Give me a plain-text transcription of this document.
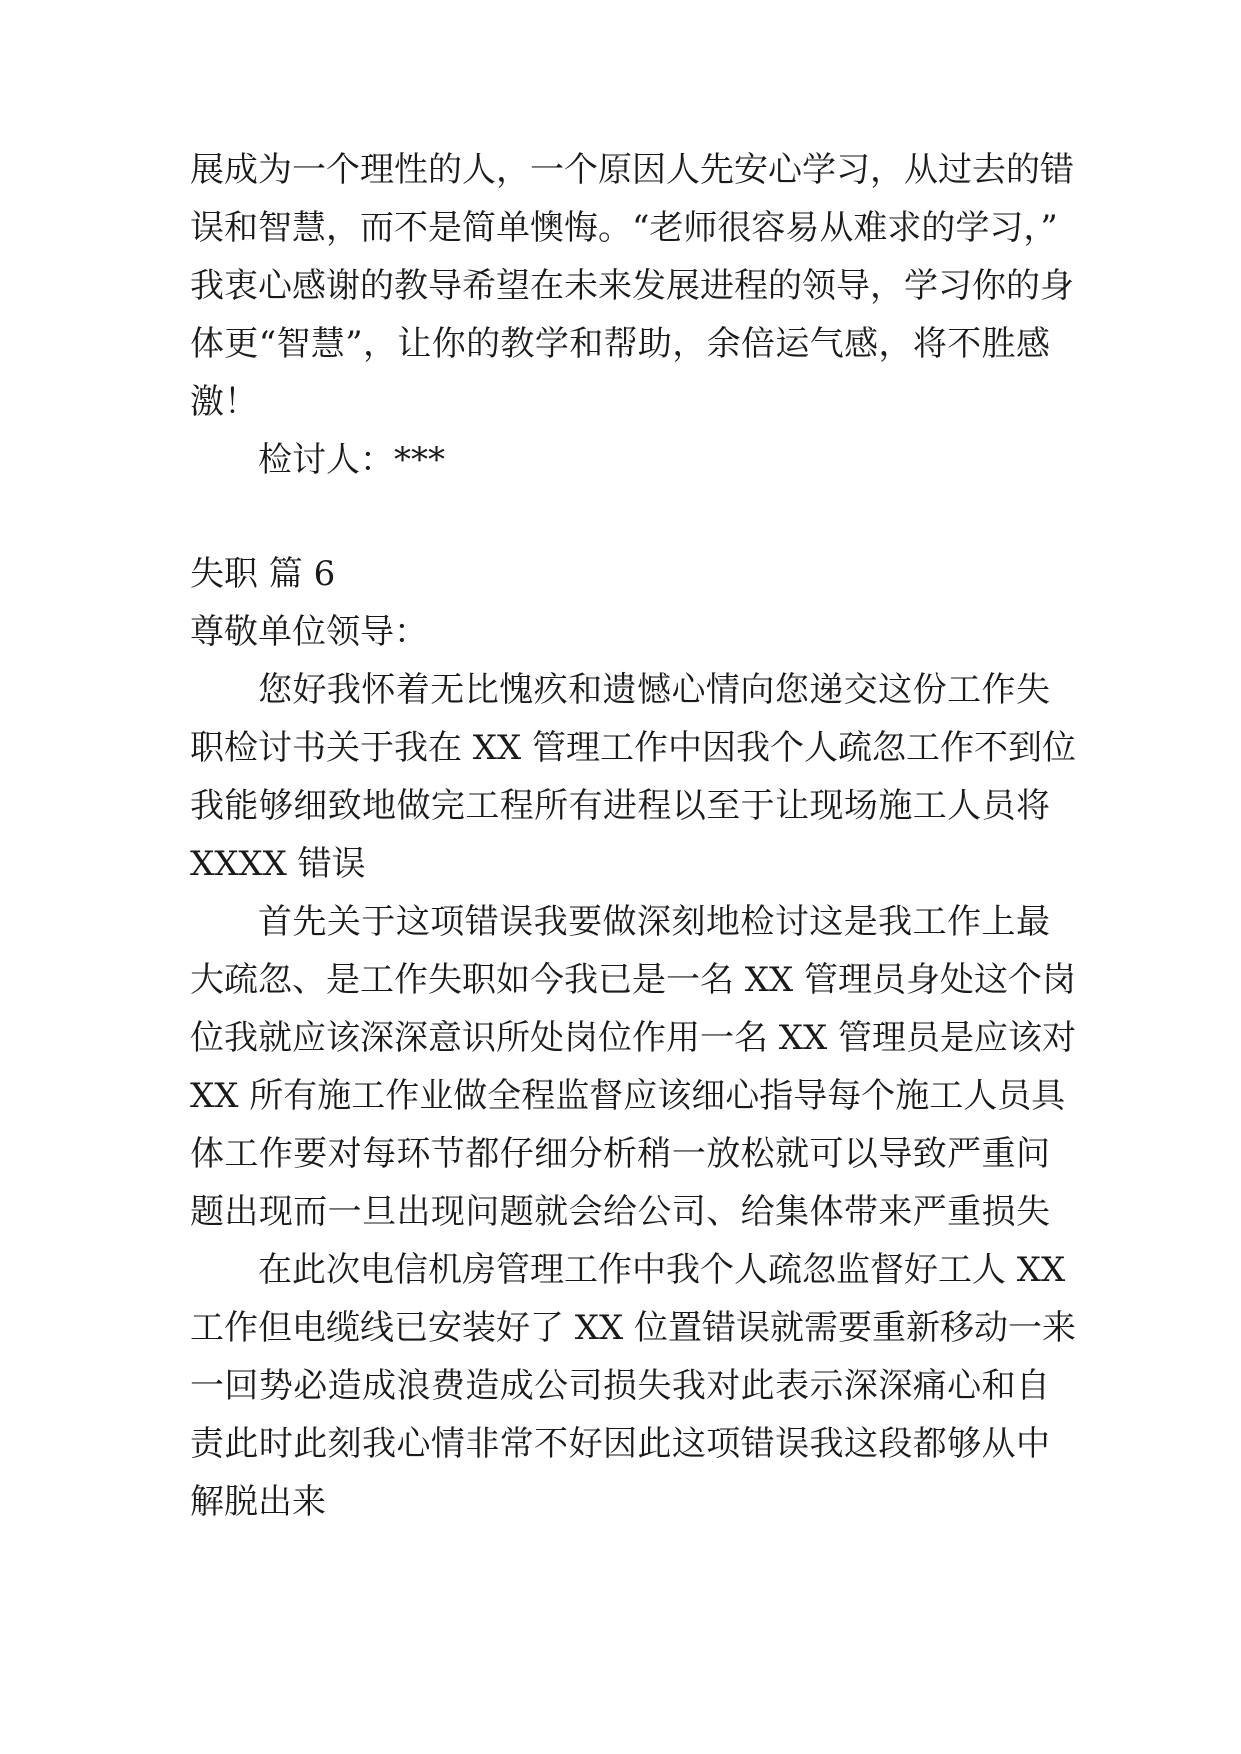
展成为一个理性的人，一个原因人先安心学习，从过去的错
误和智慧，而不是简单懊悔。“老师很容易从难求的学习，”
我衷心感谢的教导希望在未来发展进程的领导，学习你的身
体更“智慧”，让你的教学和帮助，余倍运气感，将不胜感
激！
检讨人：***
失职 篇 6
尊敬单位领导：
您好我怀着无比愧疚和遗憾心情向您递交这份工作失
职检讨书关于我在 XX 管理工作中因我个人疏忽工作不到位
我能够细致地做完工程所有进程以至于让现场施工人员将
XXXX 错误
首先关于这项错误我要做深刻地检讨这是我工作上最
大疏忽、是工作失职如今我已是一名 XX 管理员身处这个岗
位我就应该深深意识所处岗位作用一名 XX 管理员是应该对
XX 所有施工作业做全程监督应该细心指导每个施工人员具
体工作要对每环节都仔细分析稍一放松就可以导致严重问
题出现而一旦出现问题就会给公司、给集体带来严重损失
在此次电信机房管理工作中我个人疏忽监督好工人 XX
工作但电缆线已安装好了 XX 位置错误就需要重新移动一来
一回势必造成浪费造成公司损失我对此表示深深痛心和自
责此时此刻我心情非常不好因此这项错误我这段都够从中
解脱出来
